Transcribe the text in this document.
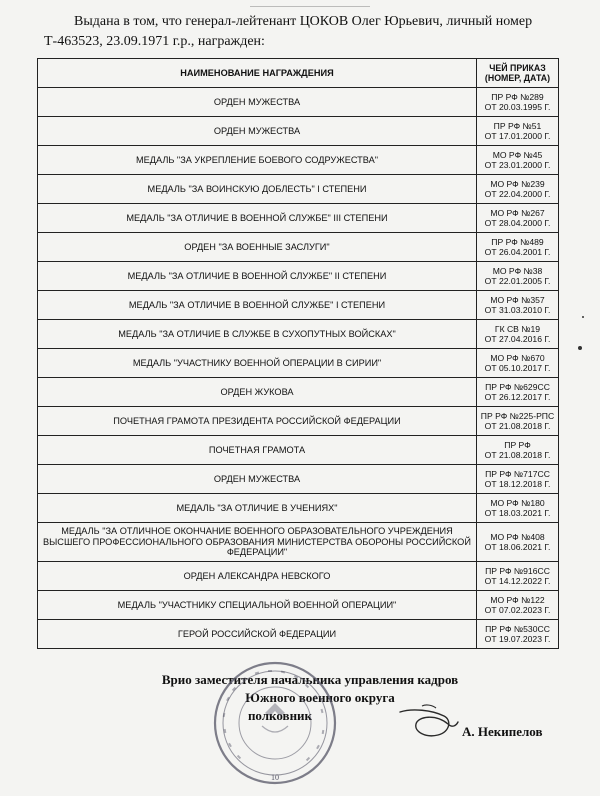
Выдана в том, что генерал-лейтенант ЦОКОВ Олег Юрьевич, личный номер
Т-463523, 23.09.1971 г.р., награжден:
НАИМЕНОВАНИЕ НАГРАЖДЕНИЯ	ЧЕЙ ПРИКАЗ
(НОМЕР, ДАТА)

ОРДЕН МУЖЕСТВА	ПР РФ №289
ОТ 20.03.1995 Г.

ОРДЕН МУЖЕСТВА	ПР РФ №51
ОТ 17.01.2000 Г.

МЕДАЛЬ "ЗА УКРЕПЛЕНИЕ БОЕВОГО СОДРУЖЕСТВА"	МО РФ №45
ОТ 23.01.2000 Г.

МЕДАЛЬ "ЗА ВОИНСКУЮ ДОБЛЕСТЬ" I СТЕПЕНИ	МО РФ №239
ОТ 22.04.2000 Г.

МЕДАЛЬ "ЗА ОТЛИЧИЕ В ВОЕННОЙ СЛУЖБЕ" III СТЕПЕНИ	МО РФ №267
ОТ 28.04.2000 Г.

ОРДЕН "ЗА ВОЕННЫЕ ЗАСЛУГИ"	ПР РФ №489
ОТ 26.04.2001 Г.

МЕДАЛЬ "ЗА ОТЛИЧИЕ В ВОЕННОЙ СЛУЖБЕ" II СТЕПЕНИ	МО РФ №38
ОТ 22.01.2005 Г.

МЕДАЛЬ "ЗА ОТЛИЧИЕ В ВОЕННОЙ СЛУЖБЕ" I СТЕПЕНИ	МО РФ №357
ОТ 31.03.2010 Г.

МЕДАЛЬ "ЗА ОТЛИЧИЕ В СЛУЖБЕ В СУХОПУТНЫХ ВОЙСКАХ"	ГК СВ №19
ОТ 27.04.2016 Г.

МЕДАЛЬ "УЧАСТНИКУ ВОЕННОЙ ОПЕРАЦИИ В СИРИИ"	МО РФ №670
ОТ 05.10.2017 Г.

ОРДЕН ЖУКОВА	ПР РФ №629СС
ОТ 26.12.2017 Г.

ПОЧЕТНАЯ ГРАМОТА ПРЕЗИДЕНТА РОССИЙСКОЙ ФЕДЕРАЦИИ	ПР РФ №225-РПС
ОТ 21.08.2018 Г.

ПОЧЕТНАЯ ГРАМОТА	ПР РФ
ОТ 21.08.2018 Г.

ОРДЕН МУЖЕСТВА	ПР РФ №717СС
ОТ 18.12.2018 Г.

МЕДАЛЬ "ЗА ОТЛИЧИЕ В УЧЕНИЯХ"	МО РФ №180
ОТ 18.03.2021 Г.

МЕДАЛЬ "ЗА ОТЛИЧНОЕ ОКОНЧАНИЕ ВОЕННОГО ОБРАЗОВАТЕЛЬНОГО УЧРЕЖДЕНИЯ ВЫСШЕГО ПРОФЕССИОНАЛЬНОГО ОБРАЗОВАНИЯ МИНИСТЕРСТВА ОБОРОНЫ РОССИЙСКОЙ ФЕДЕРАЦИИ"	МО РФ №408
ОТ 18.06.2021 Г.

ОРДЕН АЛЕКСАНДРА НЕВСКОГО	ПР РФ №916СС
ОТ 14.12.2022 Г.

МЕДАЛЬ "УЧАСТНИКУ СПЕЦИАЛЬНОЙ ВОЕННОЙ ОПЕРАЦИИ"	МО РФ №122
ОТ 07.02.2023 Г.

ГЕРОЙ РОССИЙСКОЙ ФЕДЕРАЦИИ	ПР РФ №530СС
ОТ 19.07.2023 Г.
Врио заместителя начальника управления кадров
Южного военного округа
полковник
А. Некипелов
10
